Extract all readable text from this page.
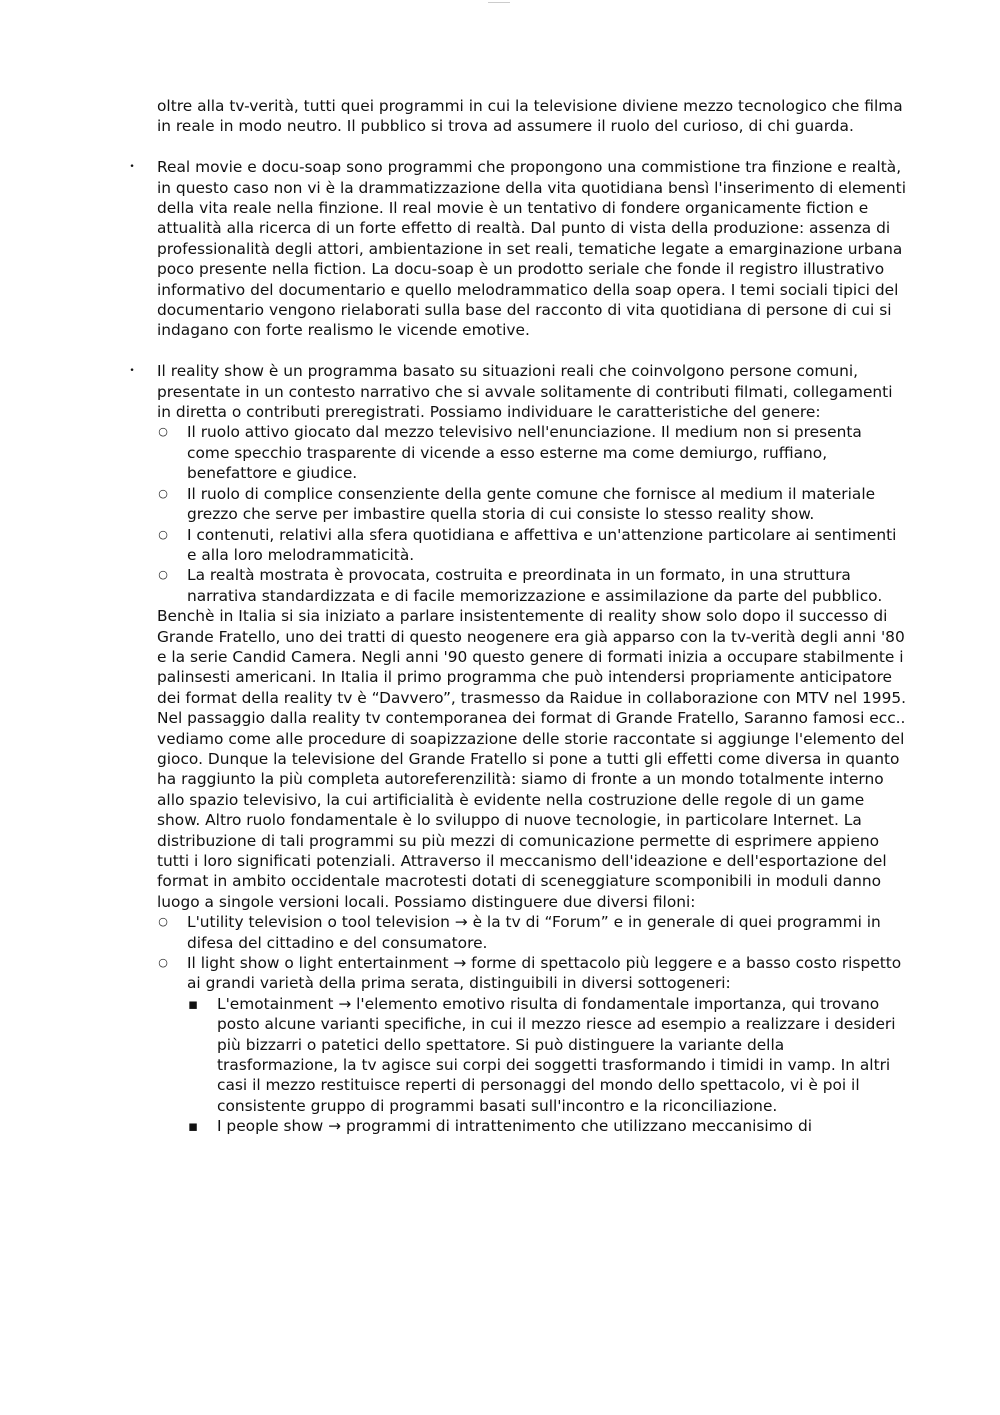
oltre alla tv-verità, tutti quei programmi in cui la televisione diviene mezzo tecnologico che filma in reale in modo neutro. Il pubblico si trova ad assumere il ruolo del curioso, di chi guarda.

• Real movie e docu-soap sono programmi che propongono una commistione tra finzione e realtà, in questo caso non vi è la drammatizzazione della vita quotidiana bensì l'inserimento di elementi della vita reale nella finzione. Il real movie è un tentativo di fondere organicamente fiction e attualità alla ricerca di un forte effetto di realtà. Dal punto di vista della produzione: assenza di professionalità degli attori, ambientazione in set reali, tematiche legate a emarginazione urbana poco presente nella fiction. La docu-soap è un prodotto seriale che fonde il registro illustrativo informativo del documentario e quello melodrammatico della soap opera. I temi sociali tipici del documentario vengono rielaborati sulla base del racconto di vita quotidiana di persone di cui si indagano con forte realismo le vicende emotive.

• Il reality show è un programma basato su situazioni reali che coinvolgono persone comuni, presentate in un contesto narrativo che si avvale solitamente di contributi filmati, collegamenti in diretta o contributi preregistrati. Possiamo individuare le caratteristiche del genere:

○ Il ruolo attivo giocato dal mezzo televisivo nell'enunciazione. Il medium non si presenta come specchio trasparente di vicende a esso esterne ma come demiurgo, ruffiano, benefattore e giudice.

○ Il ruolo di complice consenziente della gente comune che fornisce al medium il materiale grezzo che serve per imbastire quella storia di cui consiste lo stesso reality show.

○ I contenuti, relativi alla sfera quotidiana e affettiva e un'attenzione particolare ai sentimenti e alla loro melodrammaticità.

○ La realtà mostrata è provocata, costruita e preordinata in un formato, in una struttura narrativa standardizzata e di facile memorizzazione e assimilazione da parte del pubblico.

Benchè in Italia si sia iniziato a parlare insistentemente di reality show solo dopo il successo di Grande Fratello, uno dei tratti di questo neogenere era già apparso con la tv-verità degli anni '80 e la serie Candid Camera. Negli anni '90 questo genere di formati inizia a occupare stabilmente i palinsesti americani. In Italia il primo programma che può intendersi propriamente anticipatore dei format della reality tv è “Davvero”, trasmesso da Raidue in collaborazione con MTV nel 1995. Nel passaggio dalla reality tv contemporanea dei format di Grande Fratello, Saranno famosi ecc.. vediamo come alle procedure di soapizzazione delle storie raccontate si aggiunge l'elemento del gioco. Dunque la televisione del Grande Fratello si pone a tutti gli effetti come diversa in quanto ha raggiunto la più completa autoreferenzilità: siamo di fronte a un mondo totalmente interno allo spazio televisivo, la cui artificialità è evidente nella costruzione delle regole di un game show. Altro ruolo fondamentale è lo sviluppo di nuove tecnologie, in particolare Internet. La distribuzione di tali programmi su più mezzi di comunicazione permette di esprimere appieno tutti i loro significati potenziali. Attraverso il meccanismo dell'ideazione e dell'esportazione del format in ambito occidentale macrotesti dotati di sceneggiature scomponibili in moduli danno luogo a singole versioni locali. Possiamo distinguere due diversi filoni:

○ L'utility television o tool television → è la tv di “Forum” e in generale di quei programmi in difesa del cittadino e del consumatore.

○ Il light show o light entertainment → forme di spettacolo più leggere e a basso costo rispetto ai grandi varietà della prima serata, distinguibili in diversi sottogeneri:

▪ L'emotainment → l'elemento emotivo risulta di fondamentale importanza, qui trovano posto alcune varianti specifiche, in cui il mezzo riesce ad esempio a realizzare i desideri più bizzarri o patetici dello spettatore. Si può distinguere la variante della trasformazione, la tv agisce sui corpi dei soggetti trasformando i timidi in vamp. In altri casi il mezzo restituisce reperti di personaggi del mondo dello spettacolo, vi è poi il consistente gruppo di programmi basati sull'incontro e la riconciliazione.

▪ I people show → programmi di intrattenimento che utilizzano meccanisimo di
